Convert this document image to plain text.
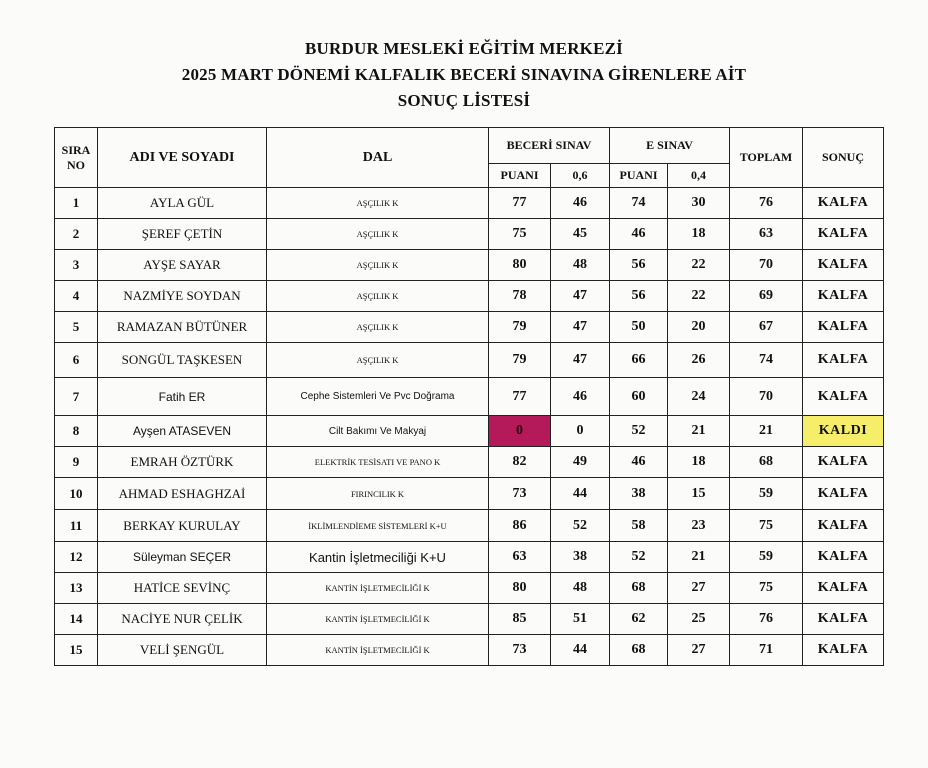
BURDUR MESLEKİ EĞİTİM MERKEZİ
2025 MART DÖNEMİ KALFALIK BECERİ SINAVINA GİRENLERE AİT
SONUÇ LİSTESİ
SIRA
NO	ADI VE SOYADI	DAL	BECERİ SINAV		E SINAV		TOPLAM	SONUÇ
			PUANI	0,6	PUANI	0,4		
1	AYLA GÜL	AŞÇILIK K	77	46	74	30	76	KALFA
2	ŞEREF ÇETİN	AŞÇILIK K	75	45	46	18	63	KALFA
3	AYŞE SAYAR	AŞÇILIK K	80	48	56	22	70	KALFA
4	NAZMİYE SOYDAN	AŞÇILIK K	78	47	56	22	69	KALFA
5	RAMAZAN BÜTÜNER	AŞÇILIK K	79	47	50	20	67	KALFA
6	SONGÜL TAŞKESEN	AŞÇILIK K	79	47	66	26	74	KALFA
7	Fatih ER	Cephe Sistemleri Ve Pvc Doğrama	77	46	60	24	70	KALFA
8	Ayşen ATASEVEN	Cilt Bakımı Ve Makyaj	0	0	52	21	21	KALDI
9	EMRAH ÖZTÜRK	ELEKTRİK TESİSATI VE PANO K	82	49	46	18	68	KALFA
10	AHMAD ESHAGHZAİ	FIRINCILIK K	73	44	38	15	59	KALFA
11	BERKAY KURULAY	İKLİMLENDİEME SİSTEMLERİ K+U	86	52	58	23	75	KALFA
12	Süleyman SEÇER	Kantin İşletmeciliği K+U	63	38	52	21	59	KALFA
13	HATİCE SEVİNÇ	KANTİN İŞLETMECİLİĞİ K	80	48	68	27	75	KALFA
14	NACİYE NUR ÇELİK	KANTİN İŞLETMECİLİĞİ K	85	51	62	25	76	KALFA
15	VELİ ŞENGÜL	KANTİN İŞLETMECİLİĞİ K	73	44	68	27	71	KALFA
